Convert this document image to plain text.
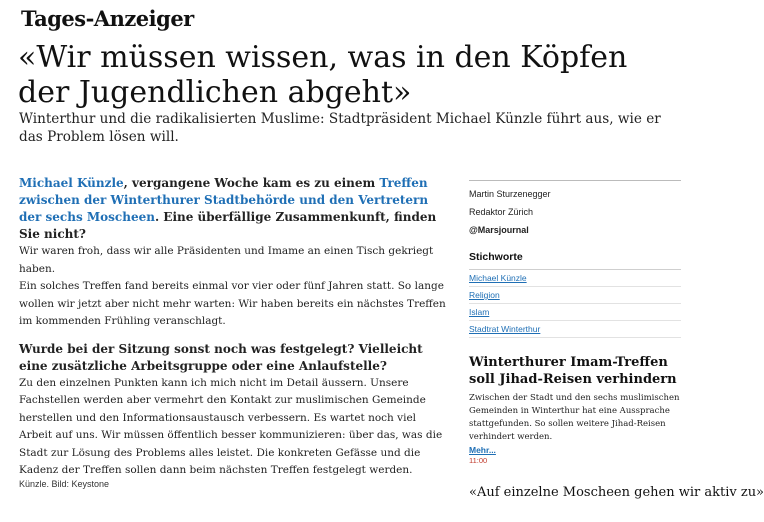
Tages-Anzeiger
«Wir müssen wissen, was in den Köpfen der Jugendlichen abgeht»

Winterthur und die radikalisierten Muslime: Stadtpräsident Michael Künzle führt aus, wie er das Problem lösen will.

Michael Künzle, vergangene Woche kam es zu einem Treffen zwischen der Winterthurer Stadtbehörde und den Vertretern der sechs Moscheen. Eine überfällige Zusammenkunft, finden Sie nicht?

Wir waren froh, dass wir alle Präsidenten und Imame an einen Tisch gekriegt haben.

Ein solches Treffen fand bereits einmal vor vier oder fünf Jahren statt. So lange wollen wir jetzt aber nicht mehr warten: Wir haben bereits ein nächstes Treffen im kommenden Frühling veranschlagt.

Wurde bei der Sitzung sonst noch was festgelegt? Vielleicht eine zusätzliche Arbeitsgruppe oder eine Anlaufstelle?

Zu den einzelnen Punkten kann ich mich nicht im Detail äussern. Unsere Fachstellen werden aber vermehrt den Kontakt zur muslimischen Gemeinde herstellen und den Informationsaustausch verbessern. Es wartet noch viel Arbeit auf uns. Wir müssen öffentlich besser kommunizieren: über das, was die Stadt zur Lösung des Problems alles leistet. Die konkreten Gefässe und die Kadenz der Treffen sollen dann beim nächsten Treffen festgelegt werden.

Künzle. Bild: Keystone
Martin Sturzenegger
Redaktor Zürich
@Marsjournal
Stichworte
Michael Künzle
Religion
Islam
Stadtrat Winterthur
Winterthurer Imam-Treffen soll Jihad-Reisen verhindern
Zwischen der Stadt und den sechs muslimischen Gemeinden in Winterthur hat eine Aussprache stattgefunden. So sollen weitere Jihad-Reisen verhindert werden.
Mehr...
11:00
«Auf einzelne Moscheen gehen wir aktiv zu»
